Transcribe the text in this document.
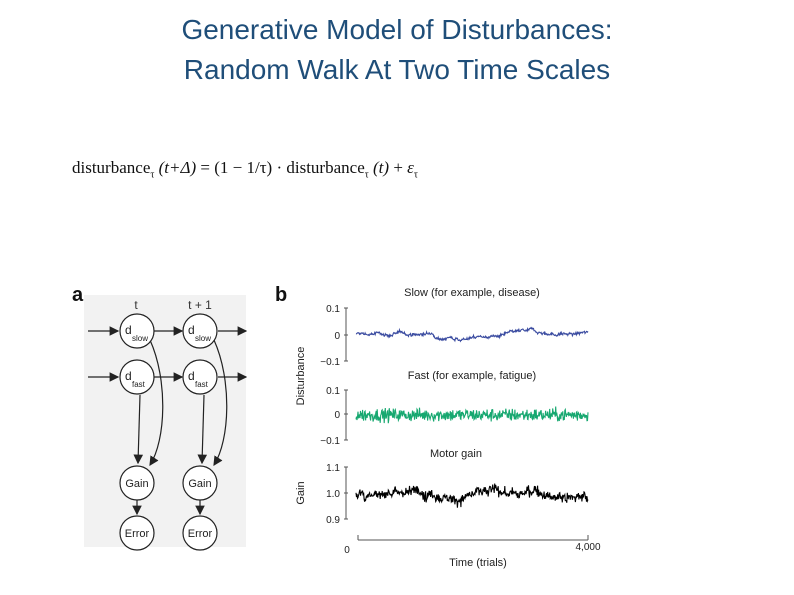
Generative Model of Disturbances:
Random Walk At Two Time Scales
disturbance$_\tau$ (t+Δ) = (1 − 1/τ) · disturbance$_\tau$ $(t) + \varepsilon_\tau$
a	t	t + 1
d
slow
d
fast
Gain
Error
d
slow
d
fast
Gain
Error
b
Disturbance
Gain
Slow (for example, disease)
0.1
0
−0.1
Fast (for example, fatigue)
0.1
0
−0.1
Motor gain
1.1
1.0
0.9
0	4,000
Time (trials)
